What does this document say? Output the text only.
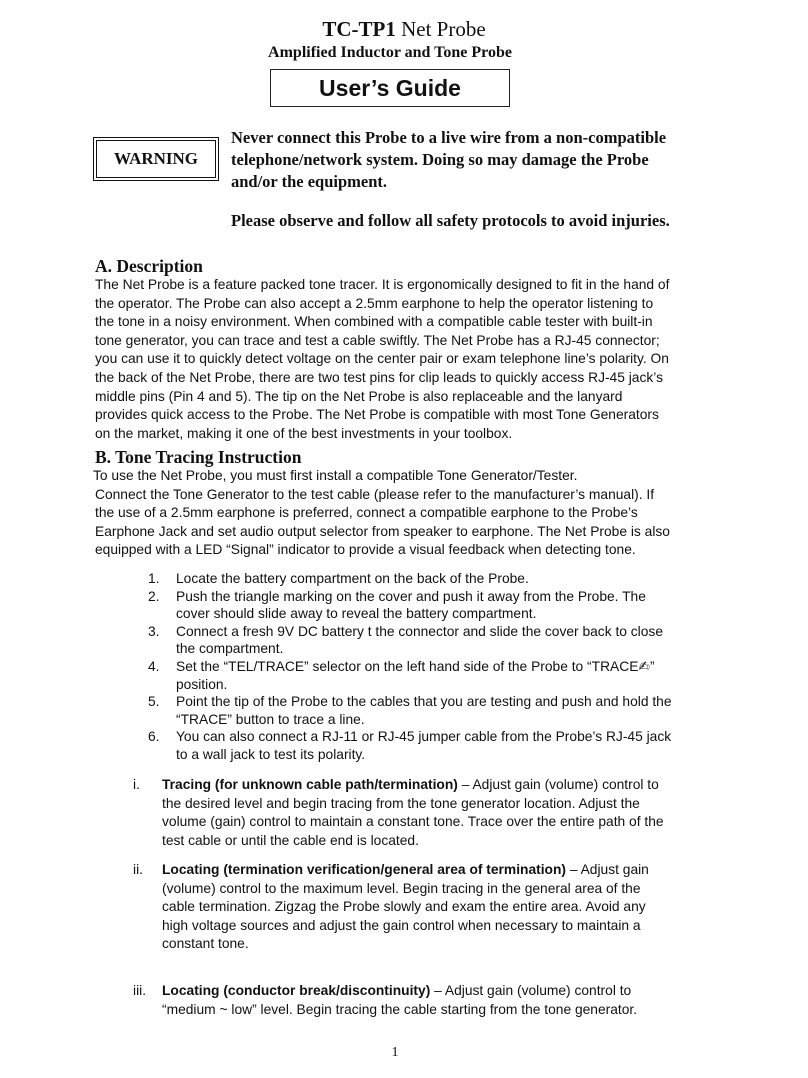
TC-TP1 Net Probe
Amplified Inductor and Tone Probe
User’s Guide
WARNING
Never connect this Probe to a live wire from a non-compatible
telephone/network system. Doing so may damage the Probe
and/or the equipment.
Please observe and follow all safety protocols to avoid injuries.
A. Description

The Net Probe is a feature packed tone tracer. It is ergonomically designed to fit in the hand of

the operator. The Probe can also accept a 2.5mm earphone to help the operator listening to

the tone in a noisy environment. When combined with a compatible cable tester with built-in

tone generator, you can trace and test a cable swiftly. The Net Probe has a RJ-45 connector;

you can use it to quickly detect voltage on the center pair or exam telephone line’s polarity. On

the back of the Net Probe, there are two test pins for clip leads to quickly access RJ-45 jack’s

middle pins (Pin 4 and 5). The tip on the Net Probe is also replaceable and the lanyard

provides quick access to the Probe. The Net Probe is compatible with most Tone Generators

on the market, making it one of the best investments in your toolbox.

B. Tone Tracing Instruction

To use the Net Probe, you must first install a compatible Tone Generator/Tester.

Connect the Tone Generator to the test cable (please refer to the manufacturer’s manual). If

the use of a 2.5mm earphone is preferred, connect a compatible earphone to the Probe’s

Earphone Jack and set audio output selector from speaker to earphone. The Net Probe is also

equipped with a LED “Signal” indicator to provide a visual feedback when detecting tone.

1. Locate the battery compartment on the back of the Probe.
2. Push the triangle marking on the cover and push it away from the Probe. The
cover should slide away to reveal the battery compartment.
3. Connect a fresh 9V DC battery t the connector and slide the cover back to close
the compartment.
4. Set the “TEL/TRACE” selector on the left hand side of the Probe to “TRACE✍”
position.
5. Point the tip of the Probe to the cables that you are testing and push and hold the
“TRACE” button to trace a line.
6. You can also connect a RJ-11 or RJ-45 jumper cable from the Probe’s RJ-45 jack
to a wall jack to test its polarity.
i. Tracing (for unknown cable path/termination) – Adjust gain (volume) control to
the desired level and begin tracing from the tone generator location. Adjust the
volume (gain) control to maintain a constant tone. Trace over the entire path of the
test cable or until the cable end is located.
ii. Locating (termination verification/general area of termination) – Adjust gain
(volume) control to the maximum level. Begin tracing in the general area of the
cable termination. Zigzag the Probe slowly and exam the entire area. Avoid any
high voltage sources and adjust the gain control when necessary to maintain a
constant tone.
iii. Locating (conductor break/discontinuity) – Adjust gain (volume) control to
“medium ~ low” level. Begin tracing the cable starting from the tone generator.
1
